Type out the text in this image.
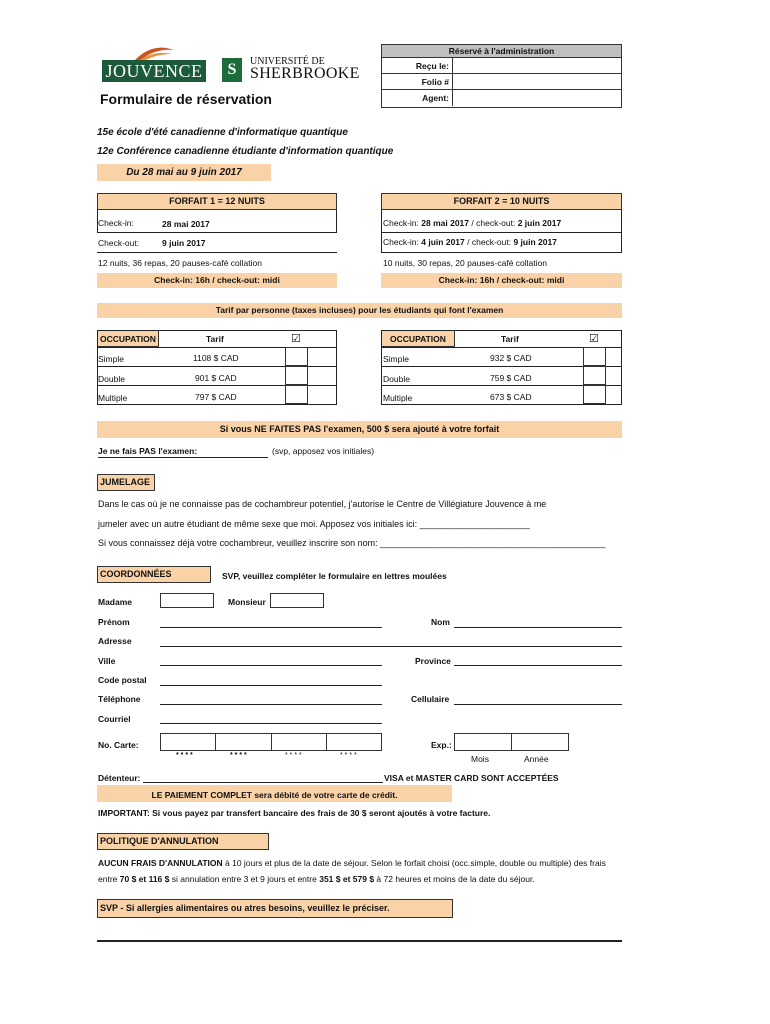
JOUVENCE	S	UNIVERSITÉ DE
SHERBROOKE
Formulaire de réservation
Réservé à l'administration
Reçu le:
Folio #
Agent:
15e école d'été canadienne d'informatique quantique
12e Conférence canadienne étudiante d'information quantique
Du 28 mai au 9 juin 2017
FORFAIT 1 = 12 NUITS
Check-in:	28 mai 2017
Check-out:	9 juin 2017
12 nuits, 36 repas, 20 pauses-café collation
Check-in: 16h / check-out: midi
FORFAIT 2 = 10 NUITS
Check-in: 28 mai 2017 / check-out: 2 juin 2017
Check-in: 4 juin 2017 / check-out: 9 juin 2017
10 nuits, 30 repas, 20 pauses-café collation
Check-in: 16h / check-out: midi
Tarif par personne (taxes incluses) pour les étudiants qui font l'examen
OCCUPATION	Tarif	☑
Simple	1108 $ CAD
Double	901 $ CAD
Multiple	797 $ CAD
OCCUPATION	Tarif	☑
Simple	932 $ CAD
Double	759 $ CAD
Multiple	673 $ CAD
Si vous NE FAITES PAS l'examen, 500 $ sera ajouté à votre forfait
Je ne fais PAS l'examen:	(svp, apposez vos initiales)
JUMELAGE
Dans le cas où je ne connaisse pas de cochambreur potentiel, j'autorise le Centre de Villégiature Jouvence à me
jumeler avec un autre étudiant de même sexe que moi. Apposez vos initiales ici: ______________________
Si vous connaissez déjà votre cochambreur, veuillez inscrire son nom: _____________________________________________
COORDONNÉES	SVP, veuillez compléter le formulaire en lettres moulées
Madame	Monsieur
Prénom	Nom
Adresse
Ville	Province
Code postal
Téléphone	Cellulaire
Courriel
No. Carte:
* * * *	* * * *	* * * *	* * * *
Exp.:
Mois	Année
Détenteur:	VISA et MASTER CARD SONT ACCEPTÉES
LE PAIEMENT COMPLET sera débité de votre carte de crédit.
IMPORTANT: Si vous payez par transfert bancaire des frais de 30 $ seront ajoutés à votre facture.
POLITIQUE D'ANNULATION
AUCUN FRAIS D'ANNULATION à 10 jours et plus de la date de séjour. Selon le forfait choisi (occ.simple, double ou multiple) des frais
entre 70 $ et 116 $ si annulation entre 3 et 9 jours et entre 351 $ et 579 $ à 72 heures et moins de la date du séjour.
SVP - Si allergies alimentaires ou atres besoins, veuillez le préciser.
